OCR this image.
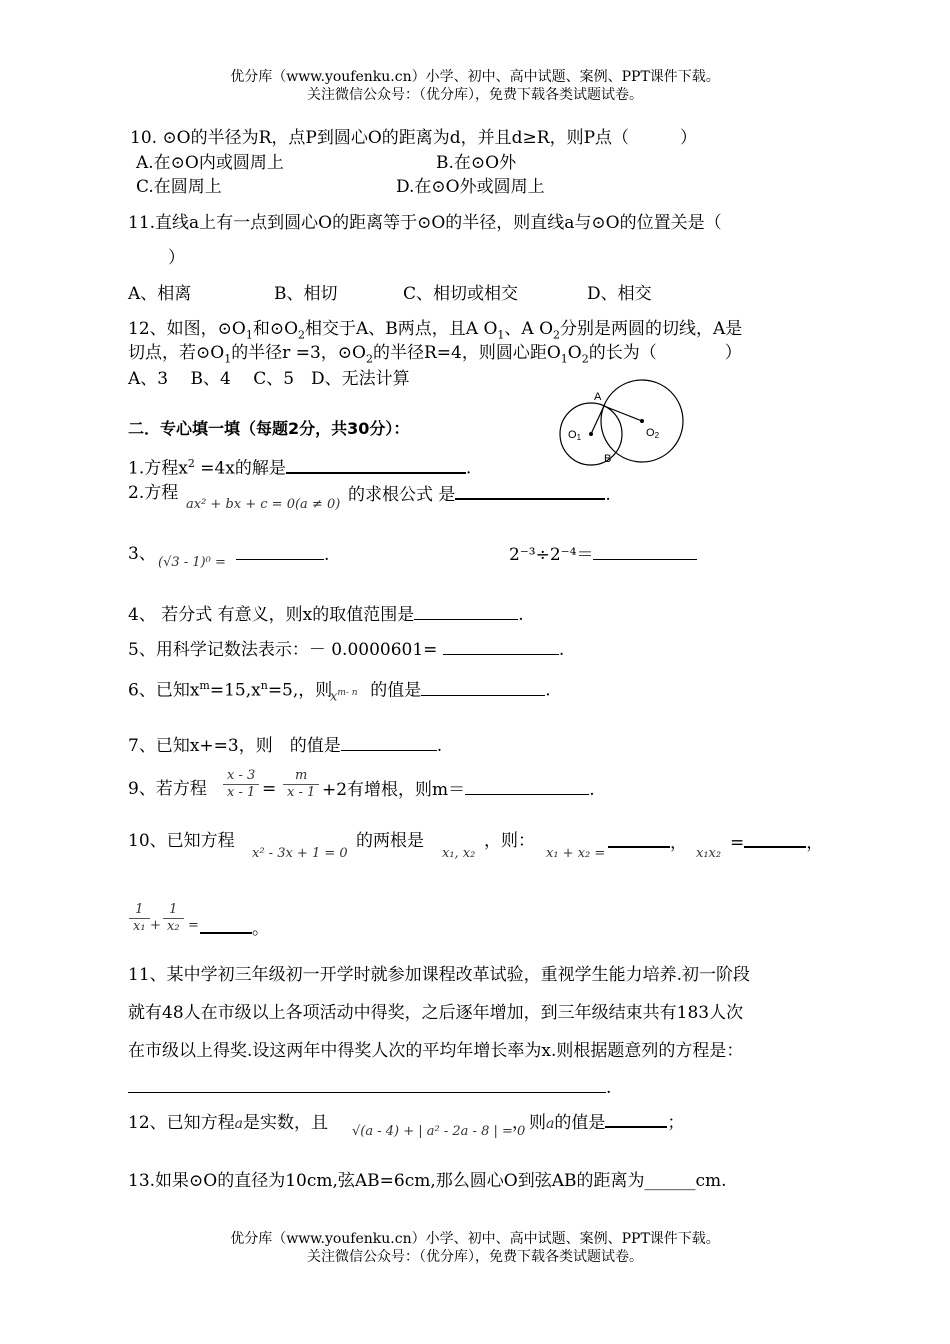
优分库（www.youfenku.cn）小学、初中、高中试题、案例、PPT课件下载。
关注微信公众号：（优分库），免费下载各类试题试卷。
10. ⊙O的半径为R，点P到圆心O的距离为d，并且d≥R，则P点（　　　）
A.在⊙O内或圆周上	B.在⊙O外
C.在圆周上	D.在⊙O外或圆周上
11.直线a上有一点到圆心O的距离等于⊙O的半径，则直线a与⊙O的位置关是（
）
A、相离	B、相切	C、相切或相交	D、相交
12、如图，$⊙O_1$和$⊙O_2$相交于A、B两点，且A $O_1$、A $O_2$分别是两圆的切线，A是
切点，若$⊙O_1$的半径r =3，$⊙O_2$的半径R=4，则圆心距$O_1O_2$的长为（　　　　）
A、3　 B、4　 C、5　D、无法计算
A
B
O1	O2
二．专心填一填（每题2分，共30分）：
1.方程$x^2 =4x$的解是	.
2.方程
ax² + bx + c = 0(a ≠ 0) 的求根公式 是	.
3、 (√3 - 1)⁰ =	.	2⁻³÷2⁻⁴＝
4、 若分式 有意义，则x的取值范围是	.
5、用科学记数法表示：－ 0.0000601=	.
6、已知$x^m=15,x^n=5$,，则 的值是	.
$x^{m- n}$
7、已知x+=3，则　的值是	.
9、若方程 $\frac{x - 3}{x - 1} = \frac{m}{x - 1} +2$有增根，则m＝	.
10、已知方程
x² - 3x + 1 = 0
的两根是
x₁, x₂
，则：
x₁ + x₂ =
，
x₁x₂
=	，
$\frac{1}{\text{x₁}} + \frac{1}{\text{x₂}}$ =	。
11、某中学初三年级初一开学时就参加课程改革试验，重视学生能力培养.初一阶段
就有48人在市级以上各项活动中得奖，之后逐年增加，到三年级结束共有183人次
在市级以上得奖.设这两年中得奖人次的平均年增长率为x.则根据题意列的方程是：
.
12、已知方程a是实数，且	，则a的值是	；
√(a - 4) + | a² - 2a - 8 | = 0
13.如果⊙O的直径为10cm,弦AB=6cm,那么圆心O到弦AB的距离为______cm.
优分库（www.youfenku.cn）小学、初中、高中试题、案例、PPT课件下载。
关注微信公众号：（优分库），免费下载各类试题试卷。
